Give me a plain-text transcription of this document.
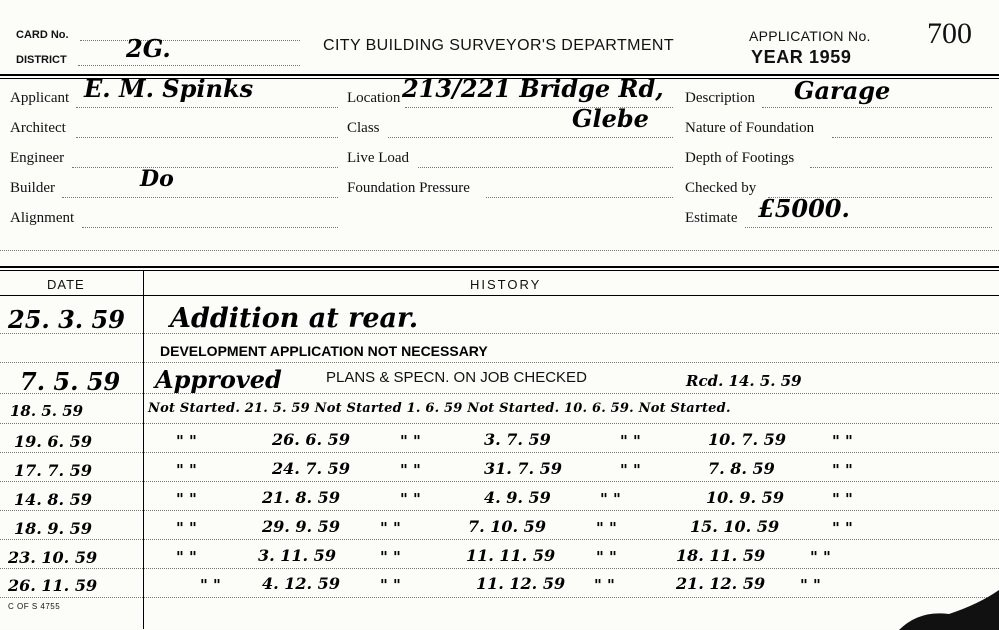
CARD No.
DISTRICT 2G.	CITY BUILDING SURVEYOR'S DEPARTMENT
APPLICATION No.
YEAR 1959
700
Applicant E. M. Spinks
Architect
Engineer
Builder	Do
Alignment
Location 213/221 Bridge Rd,
Glebe
Class
Live Load
Foundation Pressure
Description Garage
Nature of Foundation
Depth of Footings
Checked by
Estimate £5000.
DATE	HISTORY
25. 3. 59 Addition at rear.
DEVELOPMENT APPLICATION NOT NECESSARY
7. 5. 59 Approved	PLANS & SPECN. ON JOB CHECKED	Rcd. 14. 5. 59
18. 5. 59	Not Started. 21. 5. 59 Not Started 1. 6. 59 Not Started. 10. 6. 59. Not Started.
19. 6. 59	" "	26. 6. 59	" "	3. 7. 59	" "	10. 7. 59	" "
17. 7. 59	" "	24. 7. 59	" "	31. 7. 59	" "	7. 8. 59	" "
14. 8. 59	" "	21. 8. 59	" "	4. 9. 59	" "	10. 9. 59	" "
18. 9. 59	" "	29. 9. 59	" "	7. 10. 59	" "	15. 10. 59	" "
23. 10. 59	" "	3. 11. 59	" "	11. 11. 59	" "	18. 11. 59	" "
26. 11. 59	" "	4. 12. 59	" "	11. 12. 59 " "	21. 12. 59 " "
C OF S 4755
